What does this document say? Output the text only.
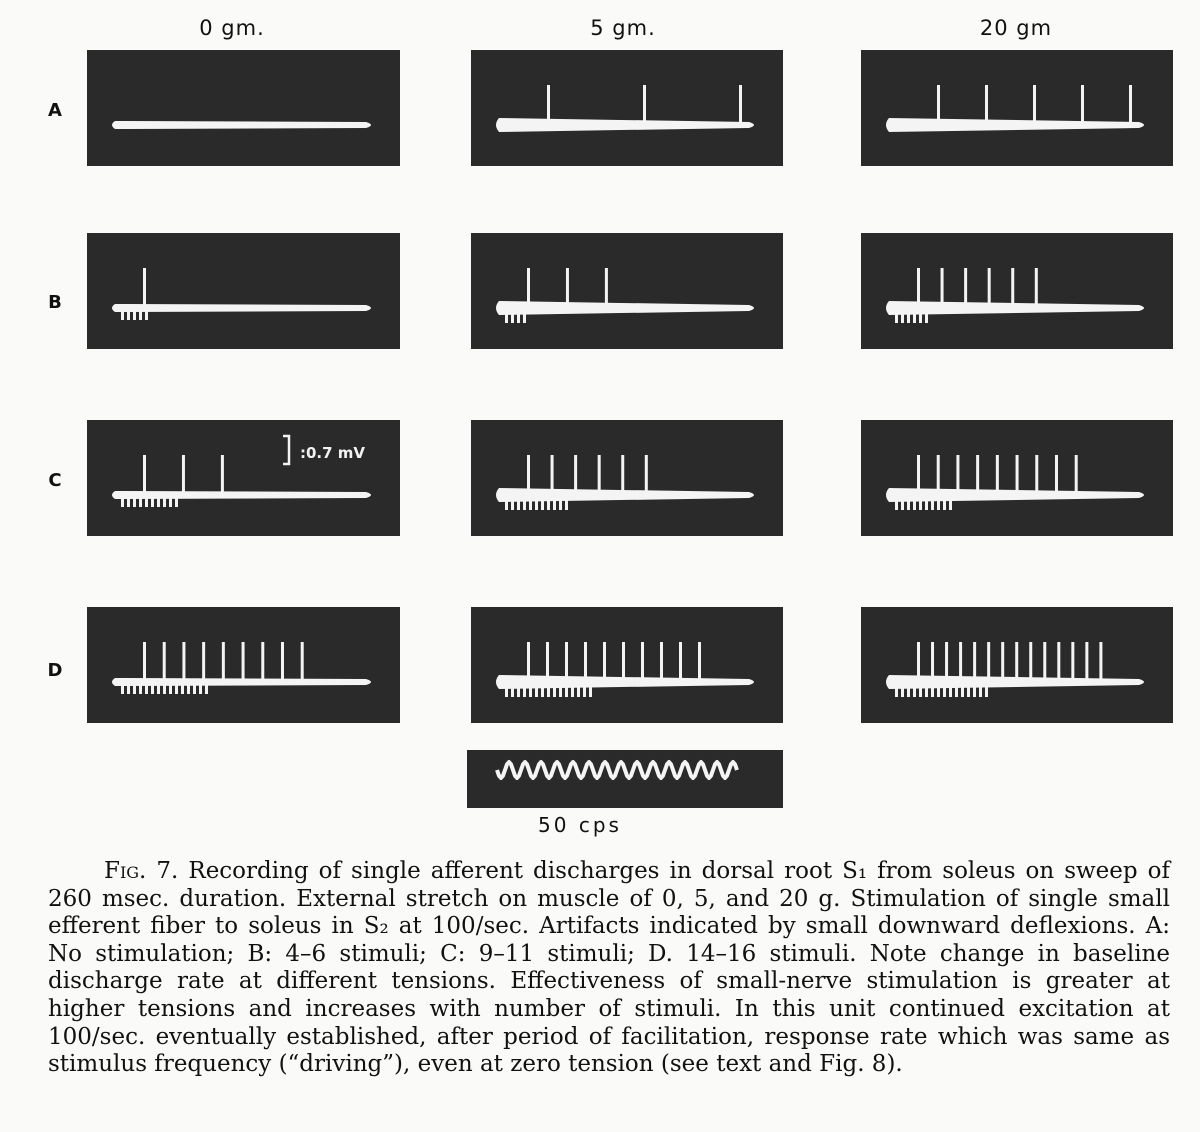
0 gm.	5 gm.	20 gm
A
B
C
D
:0.7 mV
50 cps
Fig. 7. Recording of single afferent discharges in dorsal root S₁ from soleus on sweep of 260 msec. duration. External stretch on muscle of 0, 5, and 20 g. Stimulation of single small efferent fiber to soleus in S₂ at 100/sec. Artifacts indicated by small downward deflexions. A: No stimulation; B: 4–6 stimuli; C: 9–11 stimuli; D. 14–16 stimuli. Note change in baseline discharge rate at different tensions. Effectiveness of small-nerve stimulation is greater at higher tensions and increases with number of stimuli. In this unit continued excitation at 100/sec. eventually established, after period of facilitation, response rate which was same as stimulus frequency (“driving”), even at zero tension (see text and Fig. 8).
